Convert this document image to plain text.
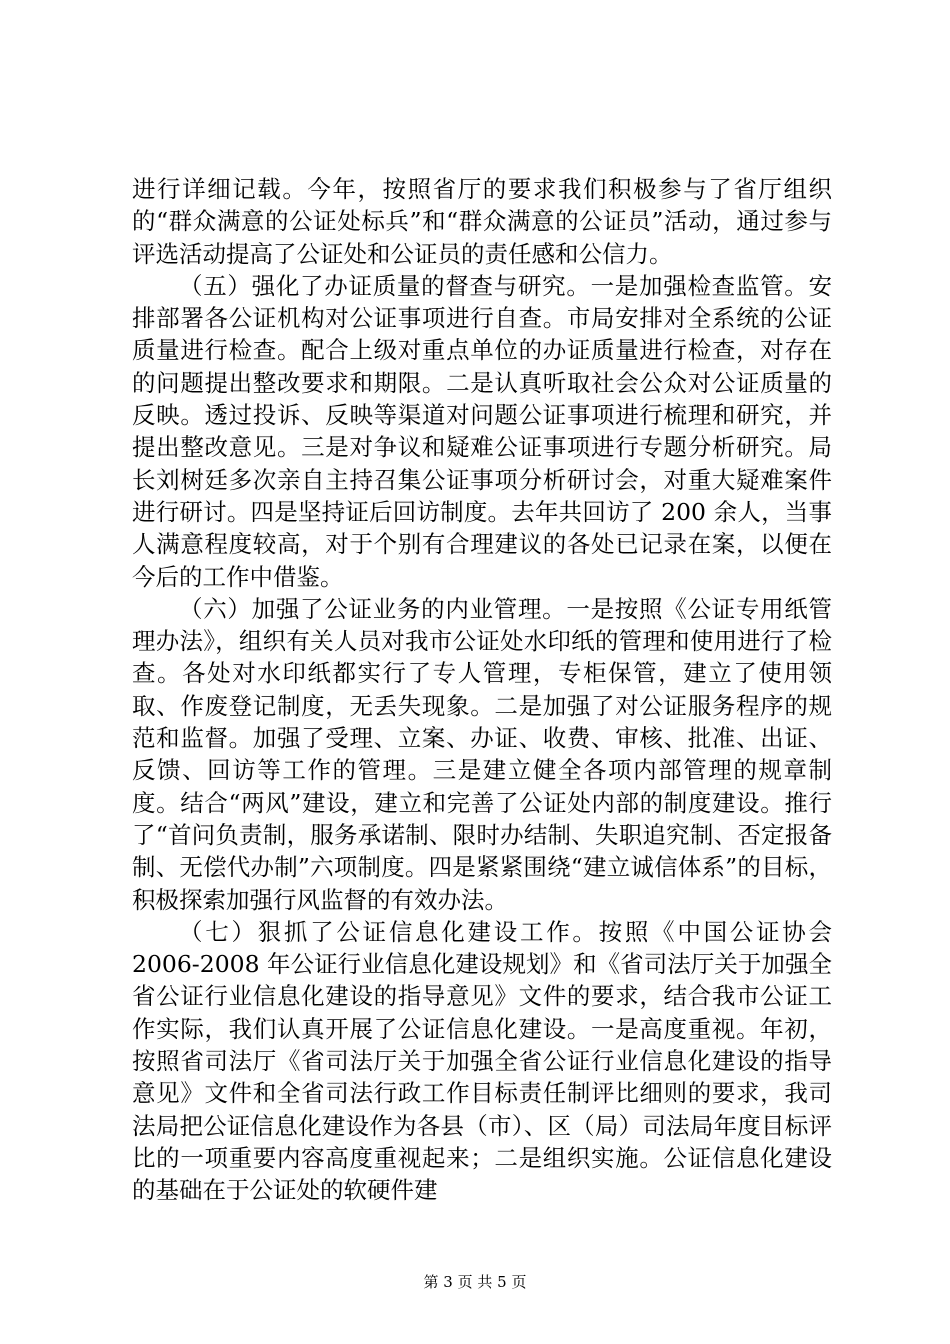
进行详细记载。今年，按照省厅的要求我们积极参与了省厅组织的“群众满意的公证处标兵”和“群众满意的公证员”活动，通过参与评选活动提高了公证处和公证员的责任感和公信力。

（五）强化了办证质量的督查与研究。一是加强检查监管。安排部署各公证机构对公证事项进行自查。市局安排对全系统的公证质量进行检查。配合上级对重点单位的办证质量进行检查，对存在的问题提出整改要求和期限。二是认真听取社会公众对公证质量的反映。透过投诉、反映等渠道对问题公证事项进行梳理和研究，并提出整改意见。三是对争议和疑难公证事项进行专题分析研究。局长刘树廷多次亲自主持召集公证事项分析研讨会，对重大疑难案件进行研讨。四是坚持证后回访制度。去年共回访了 200 余人，当事人满意程度较高，对于个别有合理建议的各处已记录在案，以便在今后的工作中借鉴。

（六）加强了公证业务的内业管理。一是按照《公证专用纸管理办法》，组织有关人员对我市公证处水印纸的管理和使用进行了检查。各处对水印纸都实行了专人管理，专柜保管，建立了使用领取、作废登记制度，无丢失现象。二是加强了对公证服务程序的规范和监督。加强了受理、立案、办证、收费、审核、批准、出证、反馈、回访等工作的管理。三是建立健全各项内部管理的规章制度。结合“两风”建设，建立和完善了公证处内部的制度建设。推行了“首问负责制，服务承诺制、限时办结制、失职追究制、否定报备制、无偿代办制”六项制度。四是紧紧围绕“建立诚信体系”的目标，积极探索加强行风监督的有效办法。

（七）狠抓了公证信息化建设工作。按照《中国公证协会 2006-2008 年公证行业信息化建设规划》和《省司法厅关于加强全省公证行业信息化建设的指导意见》文件的要求，结合我市公证工作实际，我们认真开展了公证信息化建设。一是高度重视。年初，按照省司法厅《省司法厅关于加强全省公证行业信息化建设的指导意见》文件和全省司法行政工作目标责任制评比细则的要求，我司法局把公证信息化建设作为各县（市）、区（局）司法局年度目标评比的一项重要内容高度重视起来；二是组织实施。公证信息化建设的基础在于公证处的软硬件建

第 3 页 共 5 页
